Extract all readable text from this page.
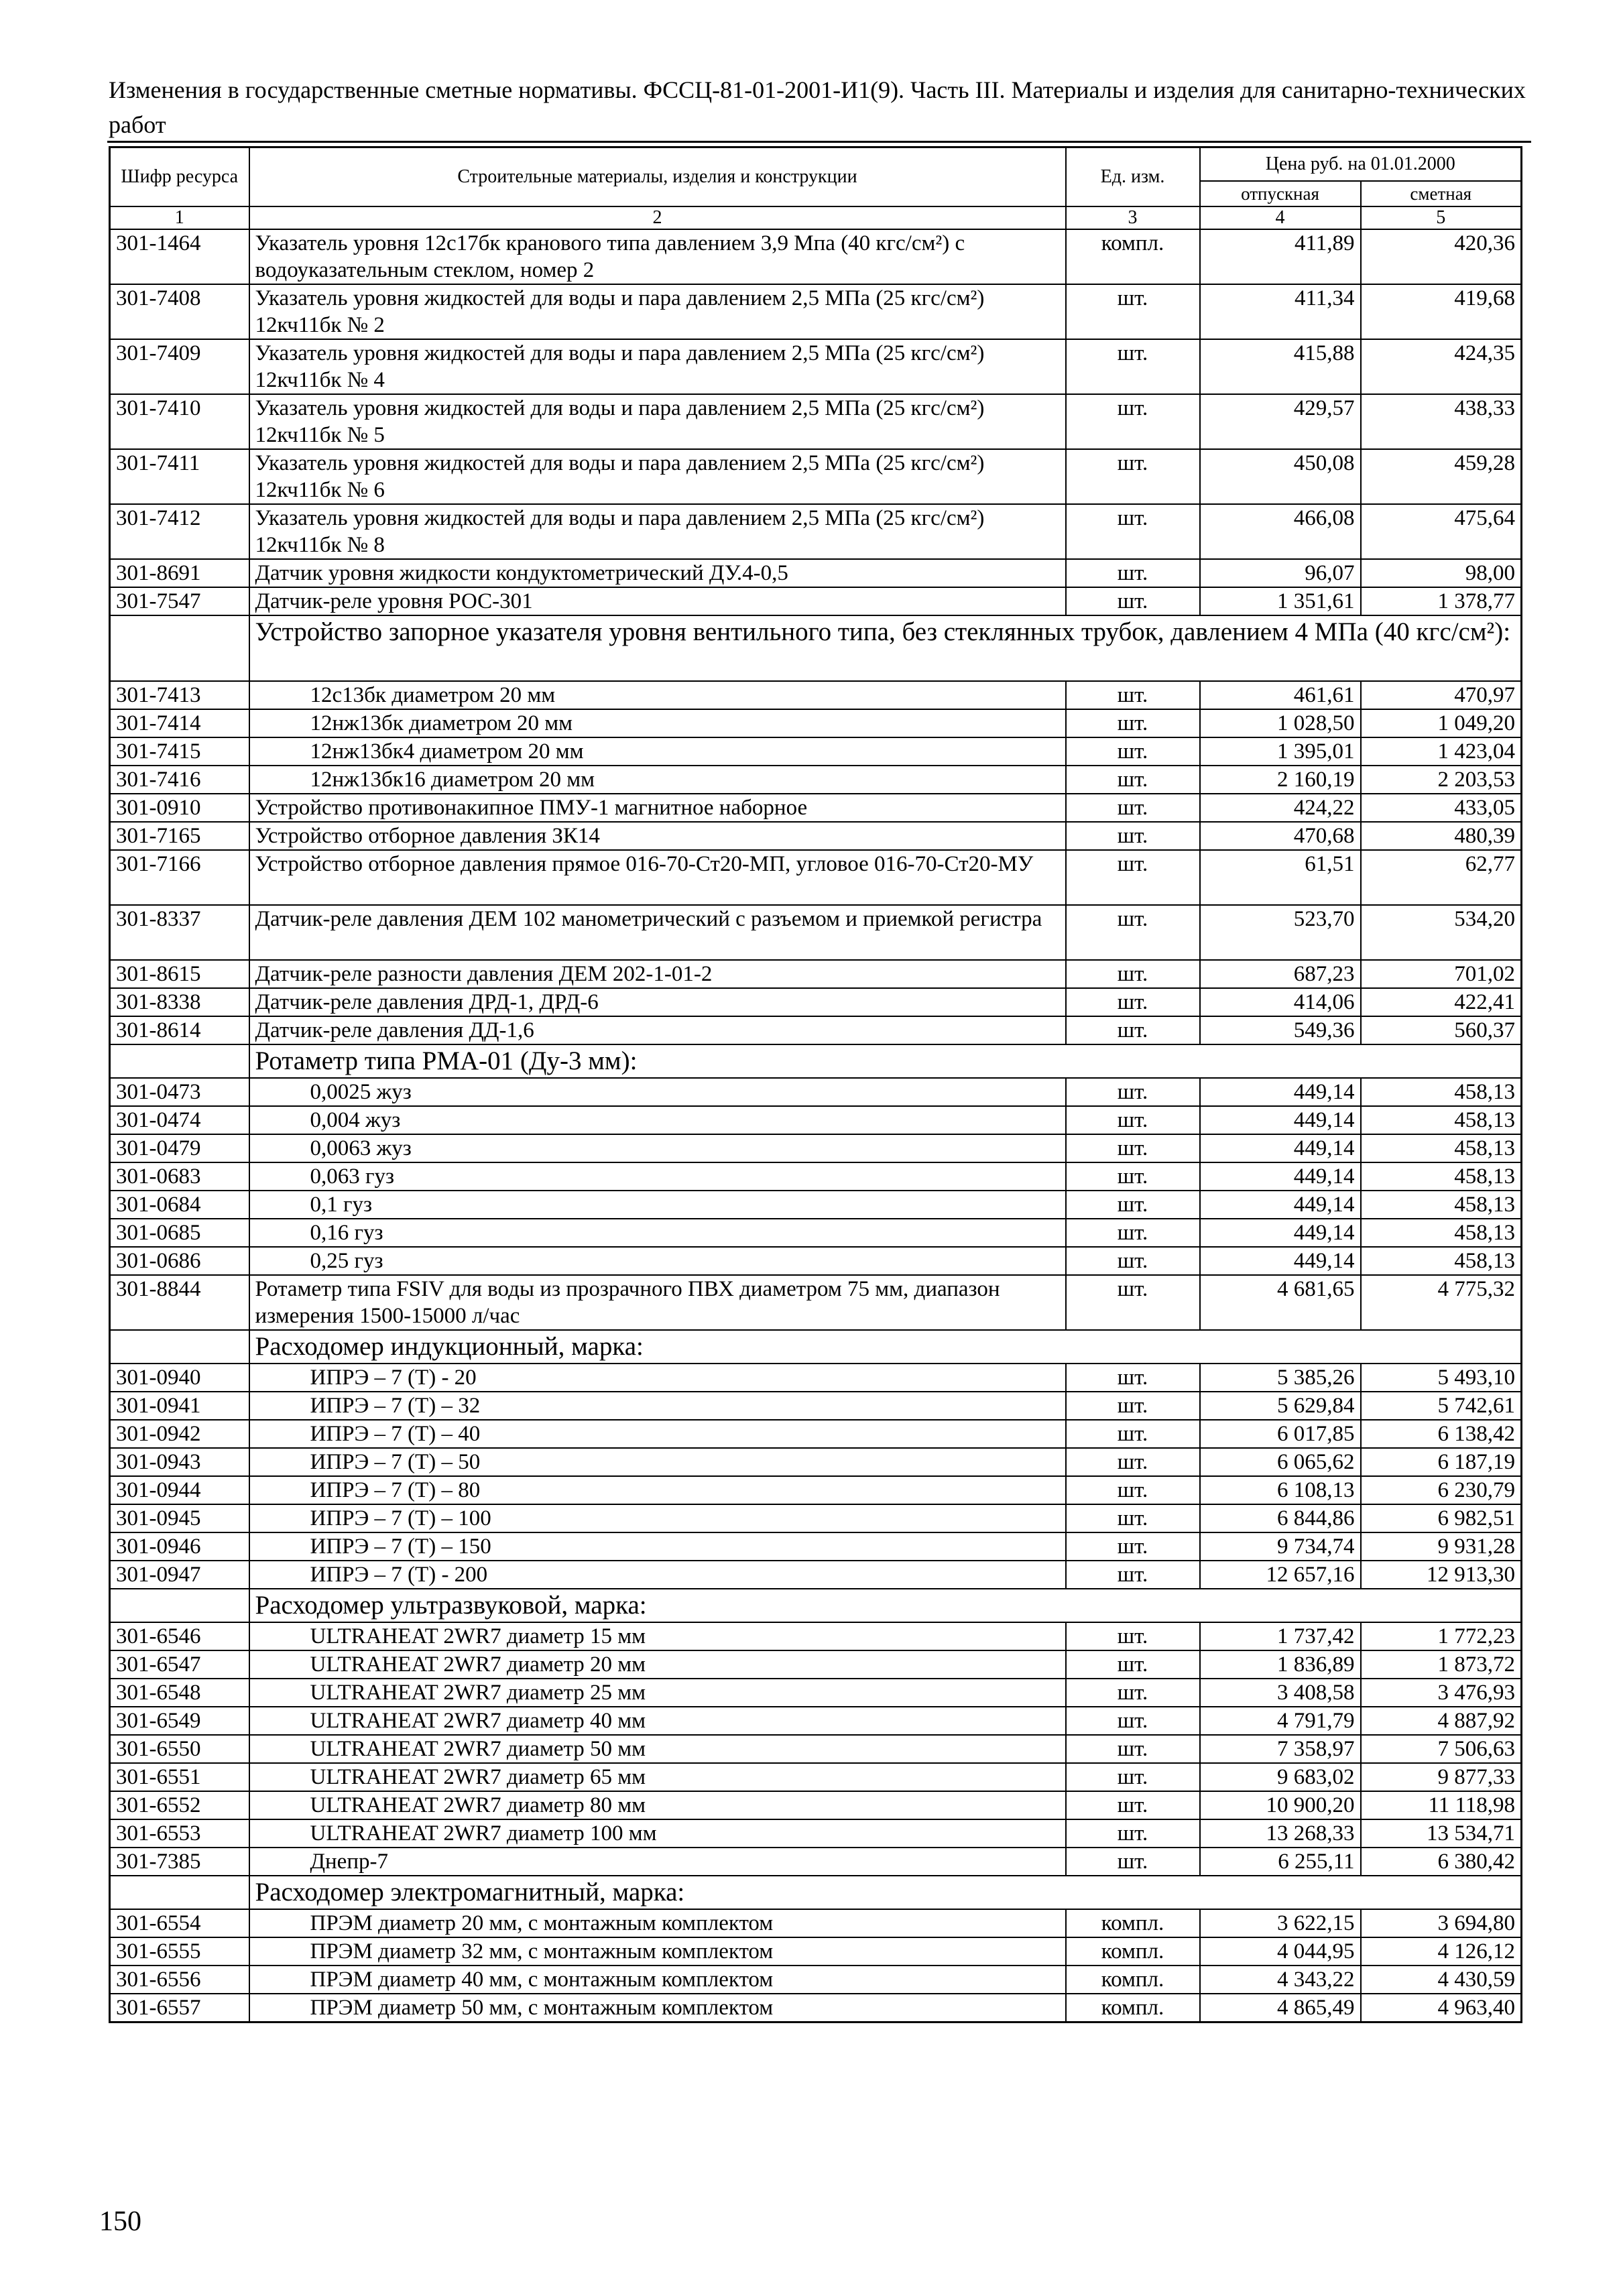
Изменения в государственные сметные нормативы. ФССЦ-81-01-2001-И1(9). Часть III. Материалы и изделия для санитарно-технических работ
Шифр ресурса	Строительные материалы, изделия и конструкции	Ед. изм.	Цена руб. на 01.01.2000	
			отпускная	сметная
1	2	3	4	5
301-1464	Указатель уровня 12с17бк кранового типа давлением 3,9 Мпа (40 кгс/см²) с водоуказательным стеклом, номер 2	компл.	411,89	420,36
301-7408	Указатель уровня жидкостей для воды и пара давлением 2,5 МПа (25 кгс/см²) 12кч11бк № 2	шт.	411,34	419,68
301-7409	Указатель уровня жидкостей для воды и пара давлением 2,5 МПа (25 кгс/см²) 12кч11бк № 4	шт.	415,88	424,35
301-7410	Указатель уровня жидкостей для воды и пара давлением 2,5 МПа (25 кгс/см²) 12кч11бк № 5	шт.	429,57	438,33
301-7411	Указатель уровня жидкостей для воды и пара давлением 2,5 МПа (25 кгс/см²) 12кч11бк № 6	шт.	450,08	459,28
301-7412	Указатель уровня жидкостей для воды и пара давлением 2,5 МПа (25 кгс/см²) 12кч11бк № 8	шт.	466,08	475,64
301-8691	Датчик уровня жидкости кондуктометрический ДУ.4-0,5	шт.	96,07	98,00
301-7547	Датчик-реле уровня РОС-301	шт.	1 351,61	1 378,77
	Устройство запорное указателя уровня вентильного типа, без стеклянных трубок, давлением 4 МПа (40 кгс/см²):			
301-7413	12с13бк диаметром 20 мм	шт.	461,61	470,97
301-7414	12нж13бк диаметром 20 мм	шт.	1 028,50	1 049,20
301-7415	12нж13бк4 диаметром 20 мм	шт.	1 395,01	1 423,04
301-7416	12нж13бк16 диаметром 20 мм	шт.	2 160,19	2 203,53
301-0910	Устройство противонакипное ПМУ-1 магнитное наборное	шт.	424,22	433,05
301-7165	Устройство отборное давления ЗК14	шт.	470,68	480,39
301-7166	Устройство отборное давления прямое 016-70-Ст20-МП, угловое 016-70-Ст20-МУ	шт.	61,51	62,77
301-8337	Датчик-реле давления ДЕМ 102 манометрический с разъемом и приемкой регистра	шт.	523,70	534,20
301-8615	Датчик-реле разности давления ДЕМ 202-1-01-2	шт.	687,23	701,02
301-8338	Датчик-реле давления ДРД-1, ДРД-6	шт.	414,06	422,41
301-8614	Датчик-реле давления ДД-1,6	шт.	549,36	560,37
	Ротаметр типа РМА-01 (Ду-3 мм):			
301-0473	0,0025 жуз	шт.	449,14	458,13
301-0474	0,004 жуз	шт.	449,14	458,13
301-0479	0,0063 жуз	шт.	449,14	458,13
301-0683	0,063 гуз	шт.	449,14	458,13
301-0684	0,1 гуз	шт.	449,14	458,13
301-0685	0,16 гуз	шт.	449,14	458,13
301-0686	0,25 гуз	шт.	449,14	458,13
301-8844	Ротаметр типа FSIV для воды из прозрачного ПВХ диаметром 75 мм, диапазон измерения 1500-15000 л/час	шт.	4 681,65	4 775,32
	Расходомер индукционный, марка:			
301-0940	ИПРЭ – 7 (Т) - 20	шт.	5 385,26	5 493,10
301-0941	ИПРЭ – 7 (Т) – 32	шт.	5 629,84	5 742,61
301-0942	ИПРЭ – 7 (Т) – 40	шт.	6 017,85	6 138,42
301-0943	ИПРЭ – 7 (Т) – 50	шт.	6 065,62	6 187,19
301-0944	ИПРЭ – 7 (Т) – 80	шт.	6 108,13	6 230,79
301-0945	ИПРЭ – 7 (Т) – 100	шт.	6 844,86	6 982,51
301-0946	ИПРЭ – 7 (Т) – 150	шт.	9 734,74	9 931,28
301-0947	ИПРЭ – 7 (Т) - 200	шт.	12 657,16	12 913,30
	Расходомер ультразвуковой, марка:			
301-6546	ULTRAHEAT 2WR7 диаметр 15 мм	шт.	1 737,42	1 772,23
301-6547	ULTRAHEAT 2WR7 диаметр 20 мм	шт.	1 836,89	1 873,72
301-6548	ULTRAHEAT 2WR7 диаметр 25 мм	шт.	3 408,58	3 476,93
301-6549	ULTRAHEAT 2WR7 диаметр 40 мм	шт.	4 791,79	4 887,92
301-6550	ULTRAHEAT 2WR7 диаметр 50 мм	шт.	7 358,97	7 506,63
301-6551	ULTRAHEAT 2WR7 диаметр 65 мм	шт.	9 683,02	9 877,33
301-6552	ULTRAHEAT 2WR7 диаметр 80 мм	шт.	10 900,20	11 118,98
301-6553	ULTRAHEAT 2WR7 диаметр 100 мм	шт.	13 268,33	13 534,71
301-7385	Днепр-7	шт.	6 255,11	6 380,42
	Расходомер электромагнитный, марка:			
301-6554	ПРЭМ диаметр 20 мм, с монтажным комплектом	компл.	3 622,15	3 694,80
301-6555	ПРЭМ диаметр 32 мм, с монтажным комплектом	компл.	4 044,95	4 126,12
301-6556	ПРЭМ диаметр 40 мм, с монтажным комплектом	компл.	4 343,22	4 430,59
301-6557	ПРЭМ диаметр 50 мм, с монтажным комплектом	компл.	4 865,49	4 963,40
150
